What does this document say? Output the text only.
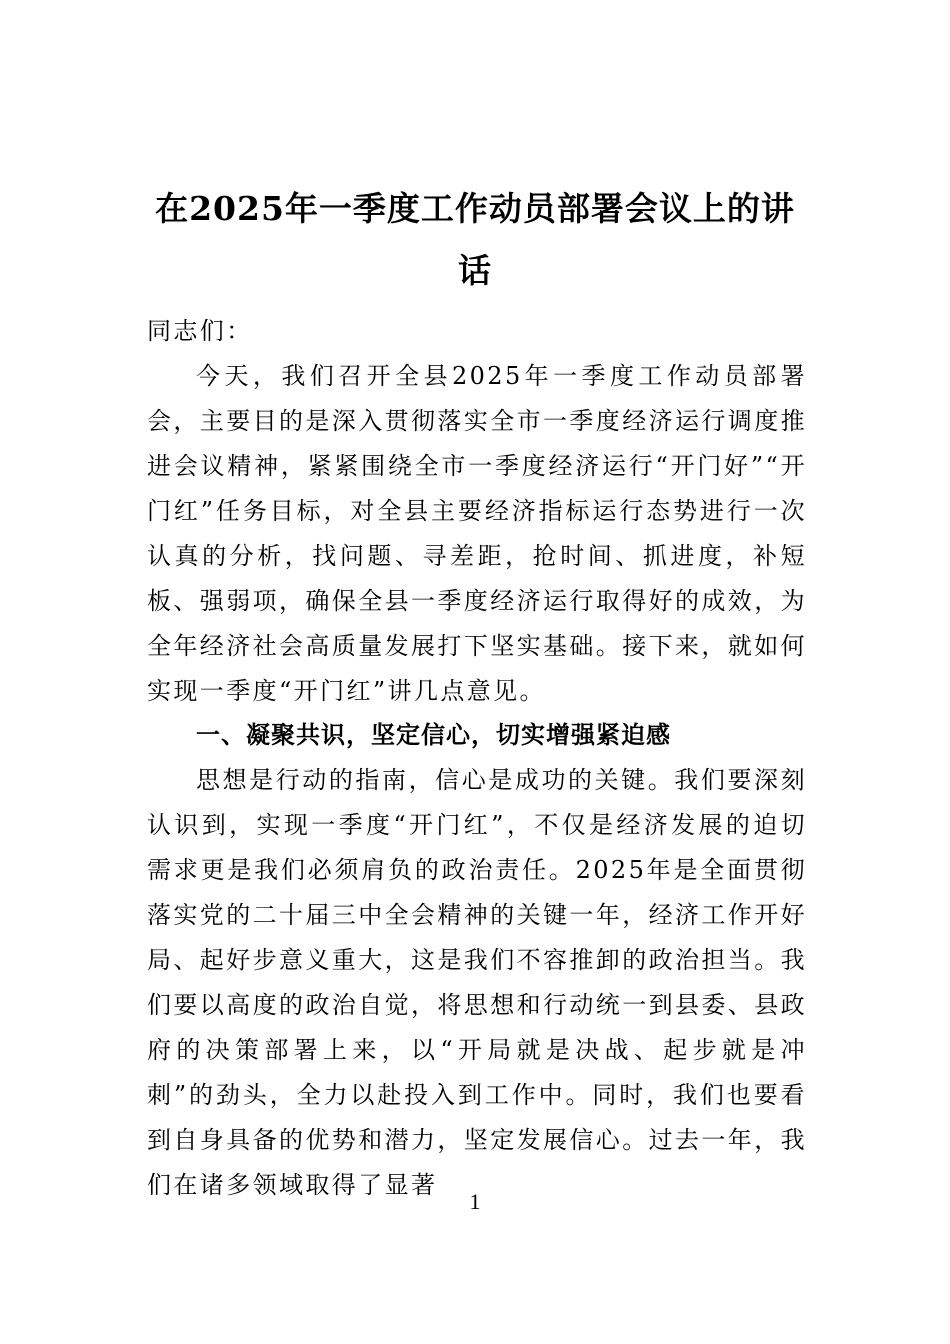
在2025年一季度工作动员部署会议上的讲话
同志们：
今天，我们召开全县2025年一季度工作动员部署会，主要目的是深入贯彻落实全市一季度经济运行调度推进会议精神，紧紧围绕全市一季度经济运行“开门好”“开门红”任务目标，对全县主要经济指标运行态势进行一次认真的分析，找问题、寻差距，抢时间、抓进度，补短板、强弱项，确保全县一季度经济运行取得好的成效，为全年经济社会高质量发展打下坚实基础。接下来，就如何实现一季度“开门红”讲几点意见。
一、凝聚共识，坚定信心，切实增强紧迫感
思想是行动的指南，信心是成功的关键。我们要深刻认识到，实现一季度“开门红”，不仅是经济发展的迫切需求更是我们必须肩负的政治责任。2025年是全面贯彻落实党的二十届三中全会精神的关键一年，经济工作开好局、起好步意义重大，这是我们不容推卸的政治担当。我们要以高度的政治自觉，将思想和行动统一到县委、县政府的决策部署上来，以“开局就是决战、起步就是冲刺”的劲头，全力以赴投入到工作中。同时，我们也要看到自身具备的优势和潜力，坚定发展信心。过去一年，我们在诸多领域取得了显著
1
